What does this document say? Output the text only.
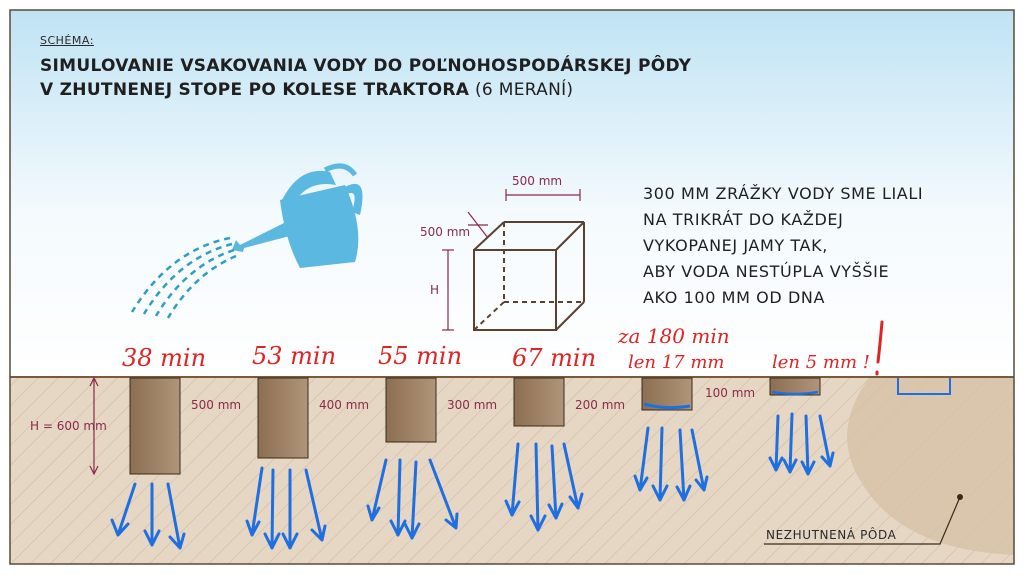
500 mm
500 mm
H
H = 600 mm
500 mm	400 mm	300 mm	200 mm
100 mm
38 min 53 min 55 min 67 min
za 180 min
len 17 mm	len 5 mm !
NEZHUTNENÁ PÔDA
SCHÉMA:
SIMULOVANIE VSAKOVANIA VODY DO POĽNOHOSPODÁRSKEJ PÔDY
V ZHUTNENEJ STOPE PO KOLESE TRAKTORA (6 MERANÍ)
300 MM ZRÁŽKY VODY SME LIALI
NA TRIKRÁT DO KAŽDEJ
VYKOPANEJ JAMY TAK,
ABY VODA NESTÚPLA VYŠŠIE
AKO 100 MM OD DNA
